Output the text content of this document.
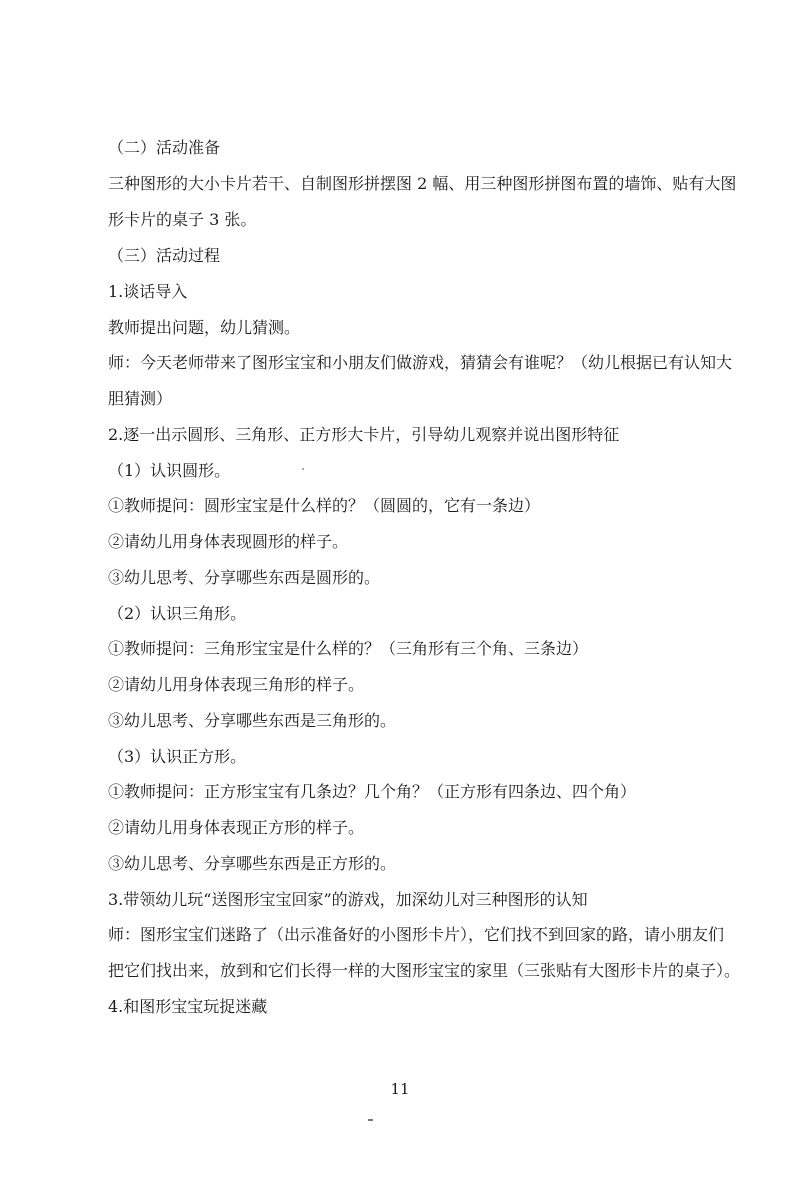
（二）活动准备
三种图形的大小卡片若干、自制图形拼摆图 2 幅、用三种图形拼图布置的墙饰、贴有大图
形卡片的桌子 3 张。
（三）活动过程
1.谈话导入
教师提出问题，幼儿猜测。
师：今天老师带来了图形宝宝和小朋友们做游戏，猜猜会有谁呢？（幼儿根据已有认知大
胆猜测）
2.逐一出示圆形、三角形、正方形大卡片，引导幼儿观察并说出图形特征
（1）认识圆形。
①教师提问：圆形宝宝是什么样的？（圆圆的，它有一条边）
②请幼儿用身体表现圆形的样子。
③幼儿思考、分享哪些东西是圆形的。
（2）认识三角形。
①教师提问：三角形宝宝是什么样的？（三角形有三个角、三条边）
②请幼儿用身体表现三角形的样子。
③幼儿思考、分享哪些东西是三角形的。
（3）认识正方形。
①教师提问：正方形宝宝有几条边？几个角？（正方形有四条边、四个角）
②请幼儿用身体表现正方形的样子。
③幼儿思考、分享哪些东西是正方形的。
3.带领幼儿玩“送图形宝宝回家”的游戏，加深幼儿对三种图形的认知
师：图形宝宝们迷路了（出示准备好的小图形卡片），它们找不到回家的路，请小朋友们
把它们找出来，放到和它们长得一样的大图形宝宝的家里（三张贴有大图形卡片的桌子）。
4.和图形宝宝玩捉迷藏
11
